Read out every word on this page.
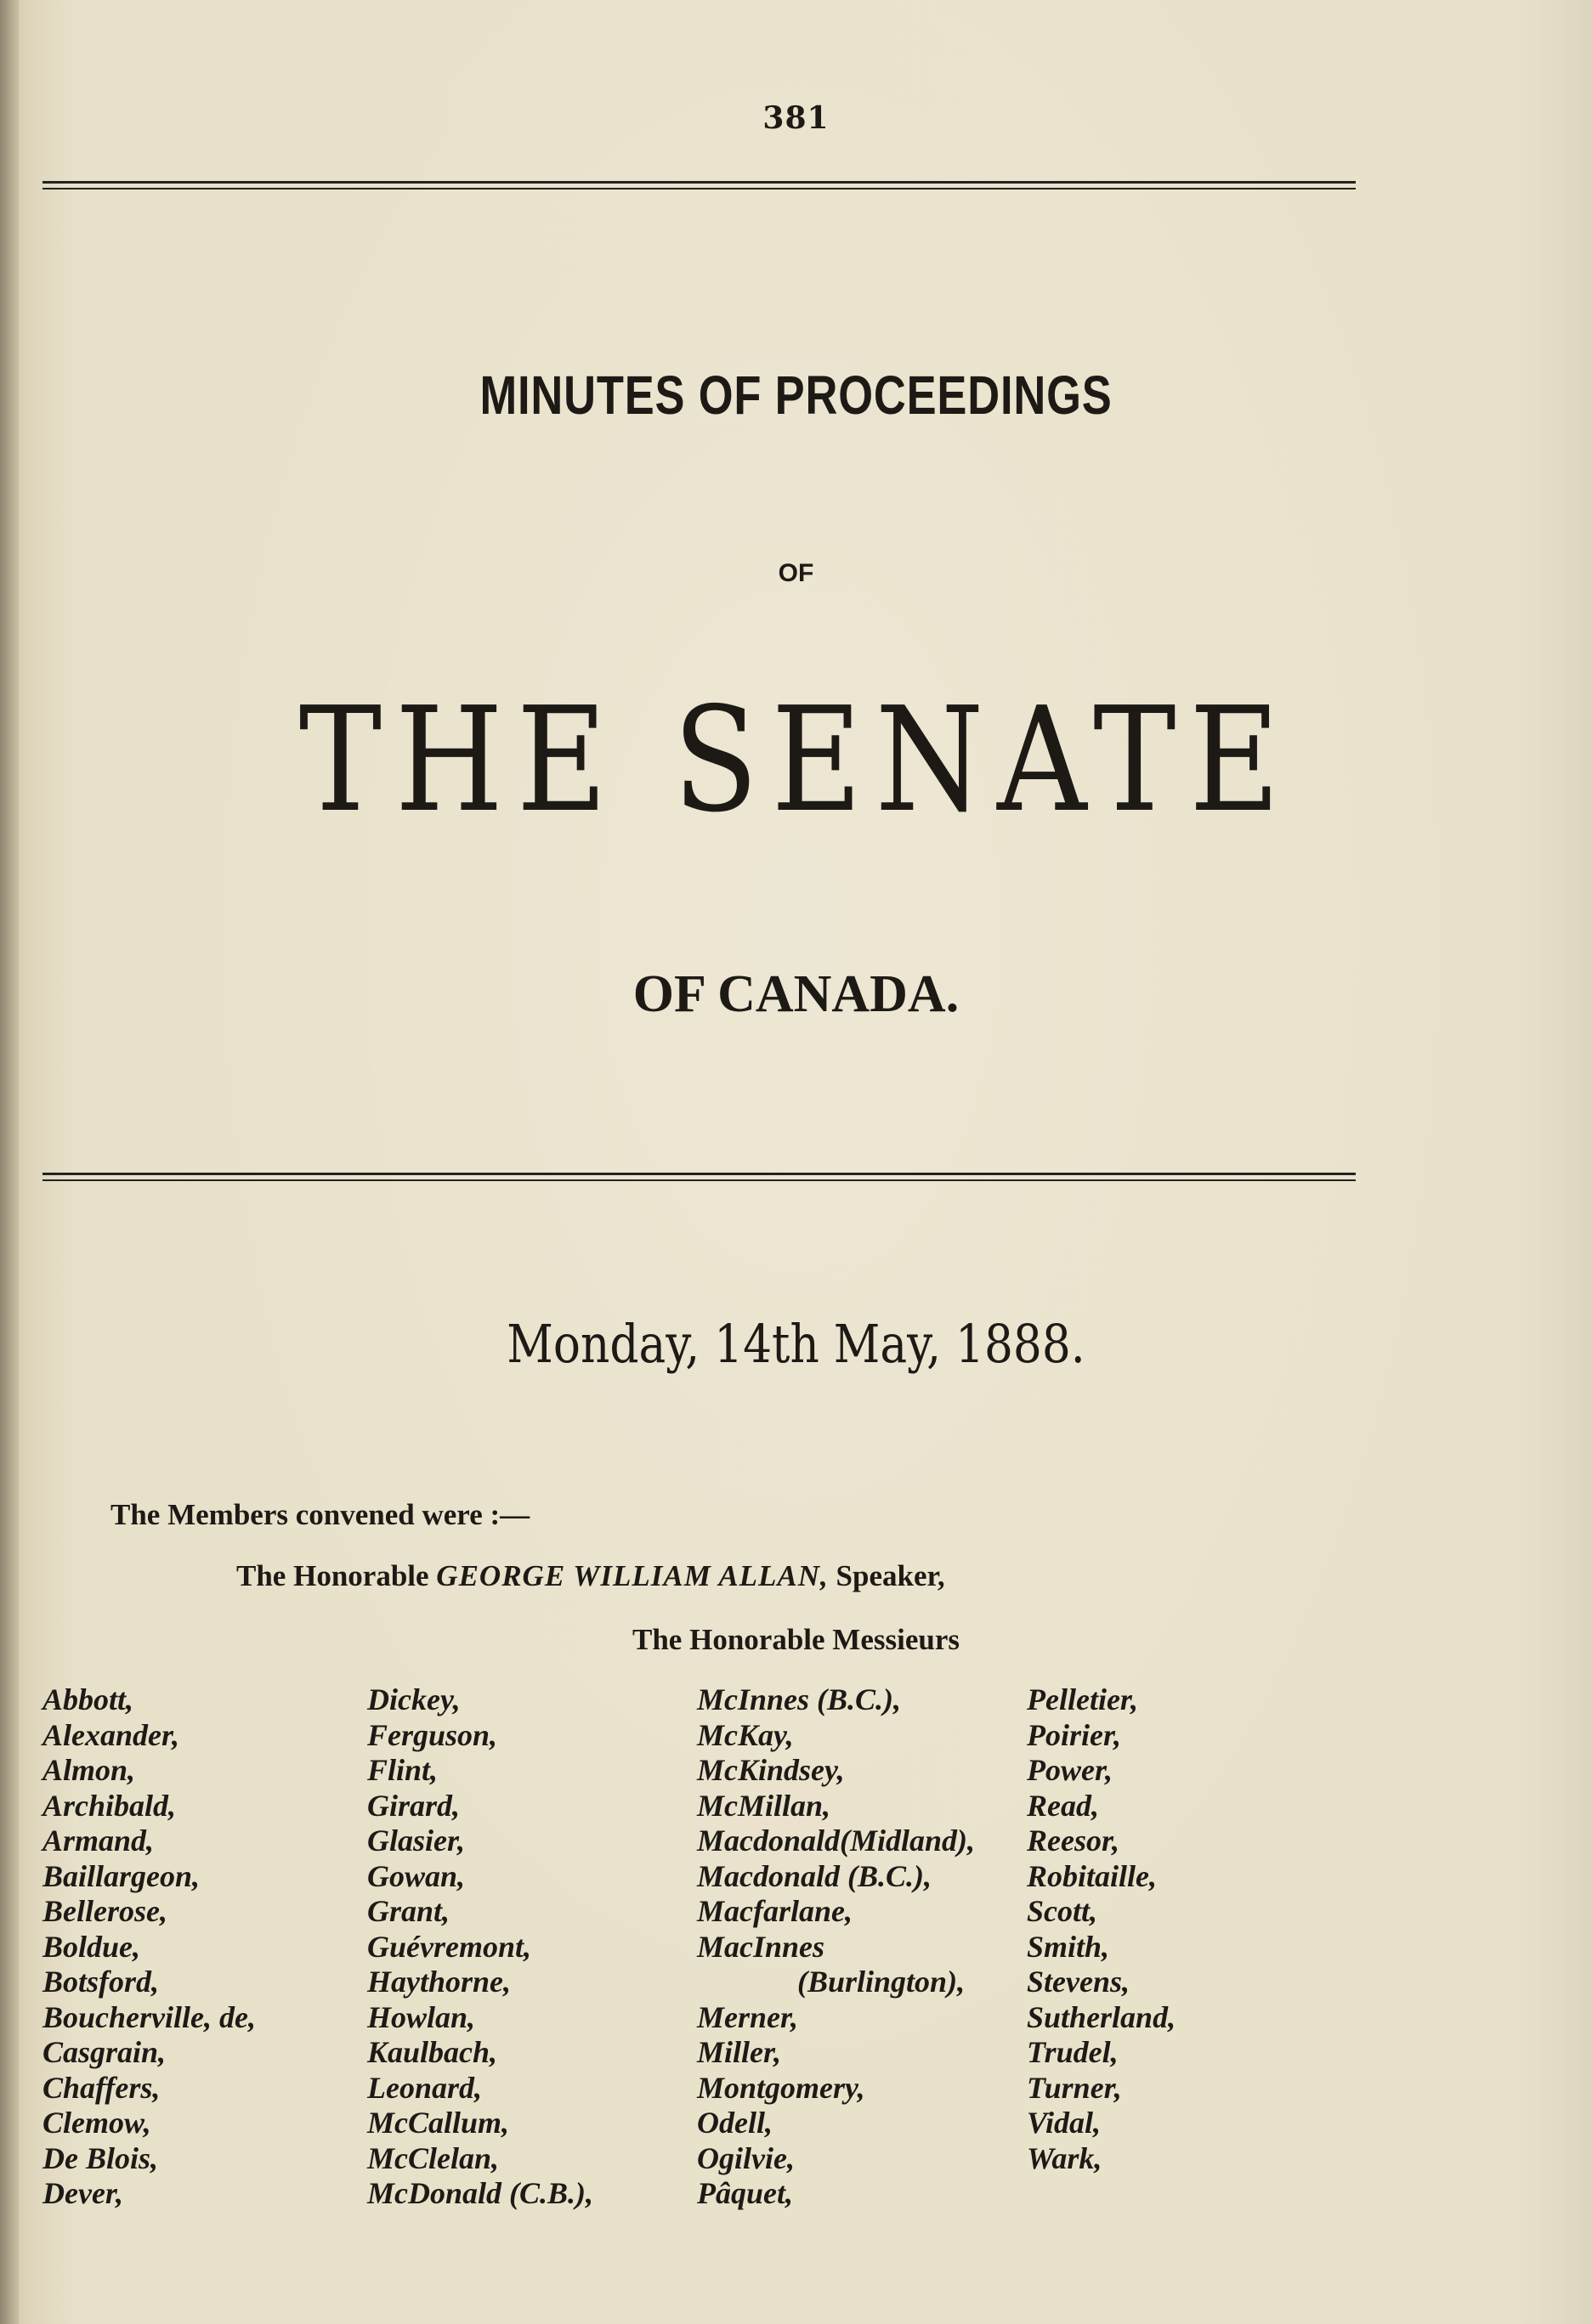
381
MINUTES OF PROCEEDINGS
OF
THE SENATE
OF CANADA.
Monday, 14th May, 1888.
The Members convened were :—
The Honorable GEORGE WILLIAM ALLAN, Speaker,
The Honorable Messieurs
Abbott,
Alexander,
Almon,
Archibald,
Armand,
Baillargeon,
Bellerose,
Boldue,
Botsford,
Boucherville, de,
Casgrain,
Chaffers,
Clemow,
De Blois,
Dever,
Dickey,
Ferguson,
Flint,
Girard,
Glasier,
Gowan,
Grant,
Guévremont,
Haythorne,
Howlan,
Kaulbach,
Leonard,
McCallum,
McClelan,
McDonald (C.B.),
McInnes (B.C.),
McKay,
McKindsey,
McMillan,
Macdonald(Midland),
Macdonald (B.C.),
Macfarlane,
MacInnes
(Burlington),
Merner,
Miller,
Montgomery,
Odell,
Ogilvie,
Pâquet,
Pelletier,
Poirier,
Power,
Read,
Reesor,
Robitaille,
Scott,
Smith,
Stevens,
Sutherland,
Trudel,
Turner,
Vidal,
Wark,
